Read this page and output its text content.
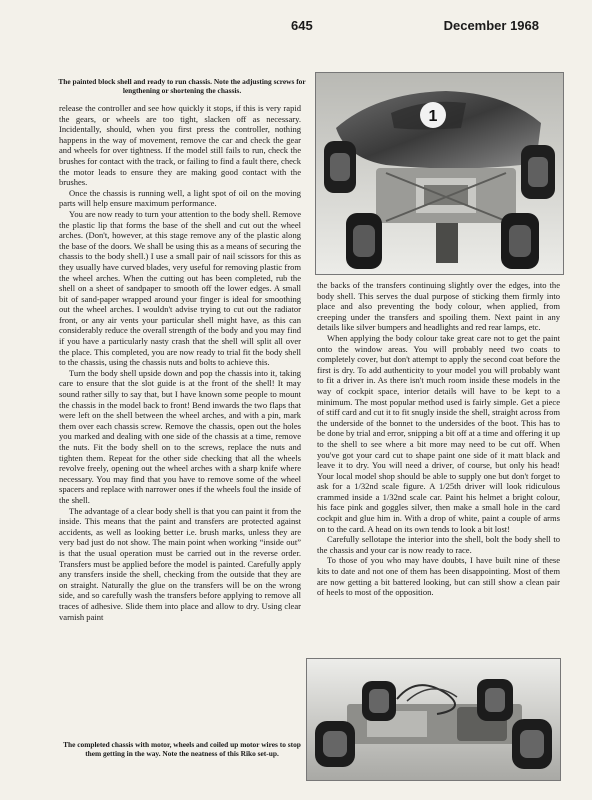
645	December 1968

The painted block shell and ready to run chassis. Note the adjusting screws for lengthening or shortening the chassis.

release the controller and see how quickly it stops, if this is very rapid the gears, or wheels are too tight, slacken off as necessary. Incidentally, should, when you first press the controller, nothing happens in the way of movement, remove the car and check the gear and wheels for over tightness. If the model still fails to run, check the brushes for contact with the track, or failing to find a fault there, check the motor leads to ensure they are making good contact with the brushes.

Once the chassis is running well, a light spot of oil on the moving parts will help ensure maximum performance.

You are now ready to turn your attention to the body shell. Remove the plastic lip that forms the base of the shell and cut out the wheel arches. (Don't, however, at this stage remove any of the plastic along the base of the doors. We shall be using this as a means of securing the chassis to the body shell.) I use a small pair of nail scissors for this as they usually have curved blades, very useful for removing plastic from the wheel arches. When the cutting out has been completed, rub the shell on a sheet of sandpaper to smooth off the lower edges. A small bit of sand-paper wrapped around your finger is ideal for smoothing out the wheel arches. I wouldn't advise trying to cut out the radiator front, or any air vents your particular shell might have, as this can considerably reduce the overall strength of the body and you may find if you have a particularly nasty crash that the shell will split all over the place. This completed, you are now ready to trial fit the body shell to the chassis, using the chassis nuts and bolts to achieve this.

Turn the body shell upside down and pop the chassis into it, taking care to ensure that the slot guide is at the front of the shell! It may sound rather silly to say that, but I have known some people to mount the chassis in the model back to front! Bend inwards the two flaps that were left on the shell between the wheel arches, and with a pin, mark them over each chassis screw. Remove the chassis, open out the holes you marked and dealing with one side of the chassis at a time, remove the nuts. Fit the body shell on to the screws, replace the nuts and tighten them. Repeat for the other side checking that all the wheels revolve freely, opening out the wheel arches with a sharp knife where necessary. You may find that you have to remove some of the wheel spacers and replace with narrower ones if the wheels foul the inside of the shell.

The advantage of a clear body shell is that you can paint it from the inside. This means that the paint and transfers are protected against accidents, as well as looking better i.e. brush marks, unless they are very bad just do not show. The main point when working “inside out” is that the usual operation must be carried out in the reverse order. Transfers must be applied before the model is painted. Carefully apply any transfers inside the shell, checking from the outside that they are on straight. Naturally the glue on the transfers will be on the wrong side, and so carefully wash the transfers before applying to remove all traces of adhesive. Slide them into place and allow to dry. Using clear varnish paint

1

the backs of the transfers continuing slightly over the edges, into the body shell. This serves the dual purpose of sticking them firmly into place and also preventing the body colour, when applied, from creeping under the transfers and spoiling them. Next paint in any details like silver bumpers and headlights and red rear lamps, etc.

When applying the body colour take great care not to get the paint onto the window areas. You will probably need two coats to completely cover, but don't attempt to apply the second coat before the first is dry. To add authenticity to your model you will probably want to fit a driver in. As there isn't much room inside these models in the way of cockpit space, interior details will have to be kept to a minimum. The most popular method used is fairly simple. Get a piece of stiff card and cut it to fit snugly inside the shell, straight across from the underside of the bonnet to the undersides of the boot. This has to be done by trial and error, snipping a bit off at a time and offering it up to the shell to see where a bit more may need to be cut off. When you've got your card cut to shape paint one side of it matt black and leave it to dry. You will need a driver, of course, but only his head! Your local model shop should be able to supply one but don't forget to ask for a 1/32nd scale figure. A 1/25th driver will look ridiculous crammed inside a 1/32nd scale car. Paint his helmet a bright colour, his face pink and goggles silver, then make a small hole in the card cockpit and glue him in. With a drop of white, paint a couple of arms on to the card. A head on its own tends to look a bit lost!

Carefully sellotape the interior into the shell, bolt the body shell to the chassis and your car is now ready to race.

To those of you who may have doubts, I have built nine of these kits to date and not one of them has been disappointing. Most of them are now getting a bit battered looking, but can still show a clean pair of heels to most of the opposition.

The completed chassis with motor, wheels and coiled up motor wires to stop them getting in the way. Note the neatness of this Riko set-up.
